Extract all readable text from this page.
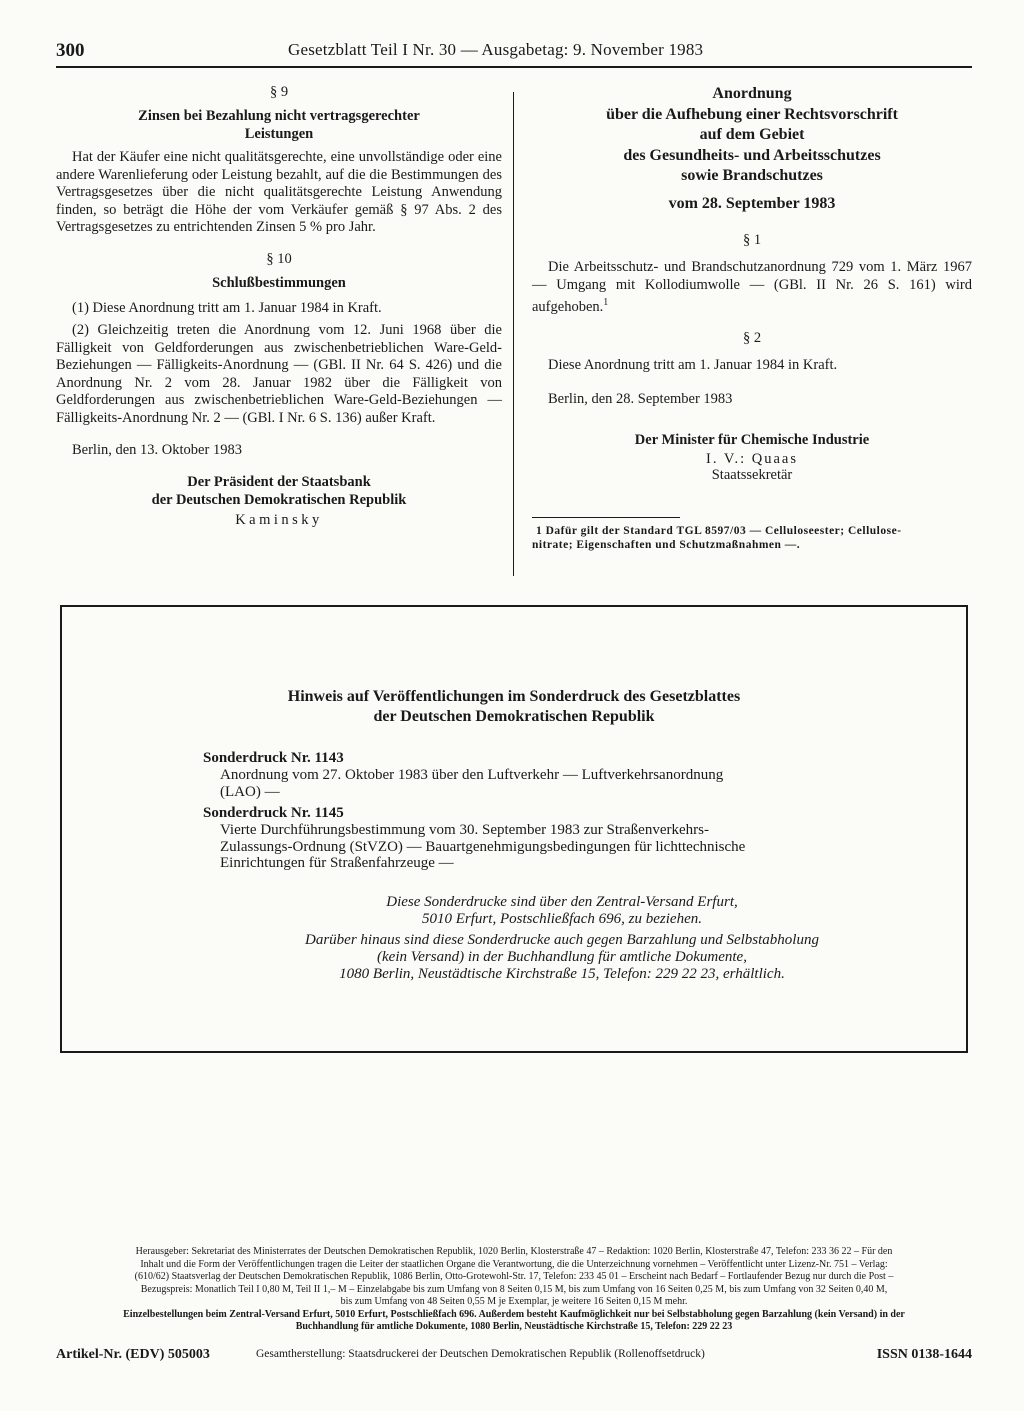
300	Gesetzblatt Teil I Nr. 30 — Ausgabetag: 9. November 1983

§ 9

Zinsen bei Bezahlung nicht vertragsgerechter
Leistungen

Hat der Käufer eine nicht qualitätsgerechte, eine unvollständige oder eine andere Warenlieferung oder Leistung bezahlt, auf die die Bestimmungen des Vertragsgesetzes über die nicht qualitätsgerechte Leistung Anwendung finden, so beträgt die Höhe der vom Verkäufer gemäß § 97 Abs. 2 des Vertragsgesetzes zu entrichtenden Zinsen 5 % pro Jahr.

§ 10

Schlußbestimmungen

(1) Diese Anordnung tritt am 1. Januar 1984 in Kraft.

(2) Gleichzeitig treten die Anordnung vom 12. Juni 1968 über die Fälligkeit von Geldforderungen aus zwischenbetrieblichen Ware-Geld-Beziehungen — Fälligkeits-Anordnung — (GBl. II Nr. 64 S. 426) und die Anordnung Nr. 2 vom 28. Januar 1982 über die Fälligkeit von Geldforderungen aus zwischenbetrieblichen Ware-Geld-Beziehungen — Fälligkeits-Anordnung Nr. 2 — (GBl. I Nr. 6 S. 136) außer Kraft.

Berlin, den 13. Oktober 1983

Der Präsident der Staatsbank
der Deutschen Demokratischen Republik

Kaminsky

Anordnung

über die Aufhebung einer Rechtsvorschrift

auf dem Gebiet

des Gesundheits- und Arbeitsschutzes

sowie Brandschutzes

vom 28. September 1983

§ 1

Die Arbeitsschutz- und Brandschutzanordnung 729 vom 1. März 1967 — Umgang mit Kollodiumwolle — (GBl. II Nr. 26 S. 161) wird aufgehoben.$^1$

§ 2

Diese Anordnung tritt am 1. Januar 1984 in Kraft.

Berlin, den 28. September 1983

Der Minister für Chemische Industrie

I. V.: Quaas

Staatssekretär

1 Dafür gilt der Standard TGL 8597/03 — Celluloseester; Cellulose-

nitrate; Eigenschaften und Schutzmaßnahmen —.

Hinweis auf Veröffentlichungen im Sonderdruck des Gesetzblattes
der Deutschen Demokratischen Republik

Sonderdruck Nr. 1143

Anordnung vom 27. Oktober 1983 über den Luftverkehr — Luftverkehrsanordnung

(LAO) —

Sonderdruck Nr. 1145

Vierte Durchführungsbestimmung vom 30. September 1983 zur Straßenverkehrs-

Zulassungs-Ordnung (StVZO) — Bauartgenehmigungsbedingungen für lichttechnische

Einrichtungen für Straßenfahrzeuge —

Diese Sonderdrucke sind über den Zentral-Versand Erfurt,

5010 Erfurt, Postschließfach 696, zu beziehen.

Darüber hinaus sind diese Sonderdrucke auch gegen Barzahlung und Selbstabholung

(kein Versand) in der Buchhandlung für amtliche Dokumente,

1080 Berlin, Neustädtische Kirchstraße 15, Telefon: 229 22 23, erhältlich.

Herausgeber: Sekretariat des Ministerrates der Deutschen Demokratischen Republik, 1020 Berlin, Klosterstraße 47 – Redaktion: 1020 Berlin, Klosterstraße 47, Telefon: 233 36 22 – Für den

Inhalt und die Form der Veröffentlichungen tragen die Leiter der staatlichen Organe die Verantwortung, die die Unterzeichnung vornehmen – Veröffentlicht unter Lizenz-Nr. 751 – Verlag:

(610/62) Staatsverlag der Deutschen Demokratischen Republik, 1086 Berlin, Otto-Grotewohl-Str. 17, Telefon: 233 45 01 – Erscheint nach Bedarf – Fortlaufender Bezug nur durch die Post –

Bezugspreis: Monatlich Teil I 0,80 M, Teil II 1,– M – Einzelabgabe bis zum Umfang von 8 Seiten 0,15 M, bis zum Umfang von 16 Seiten 0,25 M, bis zum Umfang von 32 Seiten 0,40 M,

bis zum Umfang von 48 Seiten 0,55 M je Exemplar, je weitere 16 Seiten 0,15 M mehr.

Einzelbestellungen beim Zentral-Versand Erfurt, 5010 Erfurt, Postschließfach 696. Außerdem besteht Kaufmöglichkeit nur bei Selbstabholung gegen Barzahlung (kein Versand) in der

Buchhandlung für amtliche Dokumente, 1080 Berlin, Neustädtische Kirchstraße 15, Telefon: 229 22 23

Artikel-Nr. (EDV) 505003	Gesamtherstellung: Staatsdruckerei der Deutschen Demokratischen Republik (Rollenoffsetdruck)	ISSN 0138-1644
